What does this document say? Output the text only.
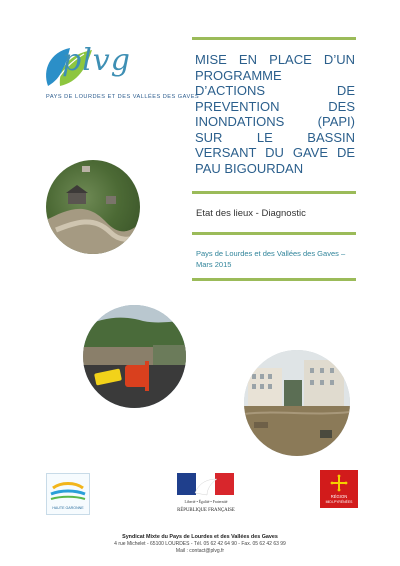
plvg
PAYS DE LOURDES ET DES VALLÉES DES GAVES
MISE EN PLACE D’UN PROGRAMME D’ACTIONS DE PREVENTION DES INONDATIONS (PAPI) SUR LE BASSIN VERSANT DU GAVE DE PAU BIGOURDAN
Etat des lieux - Diagnostic
Pays de Lourdes et des Vallées des Gaves – Mars 2015
HAUTE GARONNE
Liberté • Égalité • Fraternité
RÉPUBLIQUE FRANÇAISE
RÉGION
MIDI-PYRÉNÉES
Syndicat Mixte du Pays de Lourdes et des Vallées des Gaves
4 rue Michelet - 65100 LOURDES - Tél. 05 62 42 64 90 - Fax. 05 62 42 63 99
Mail : contact@plvg.fr
